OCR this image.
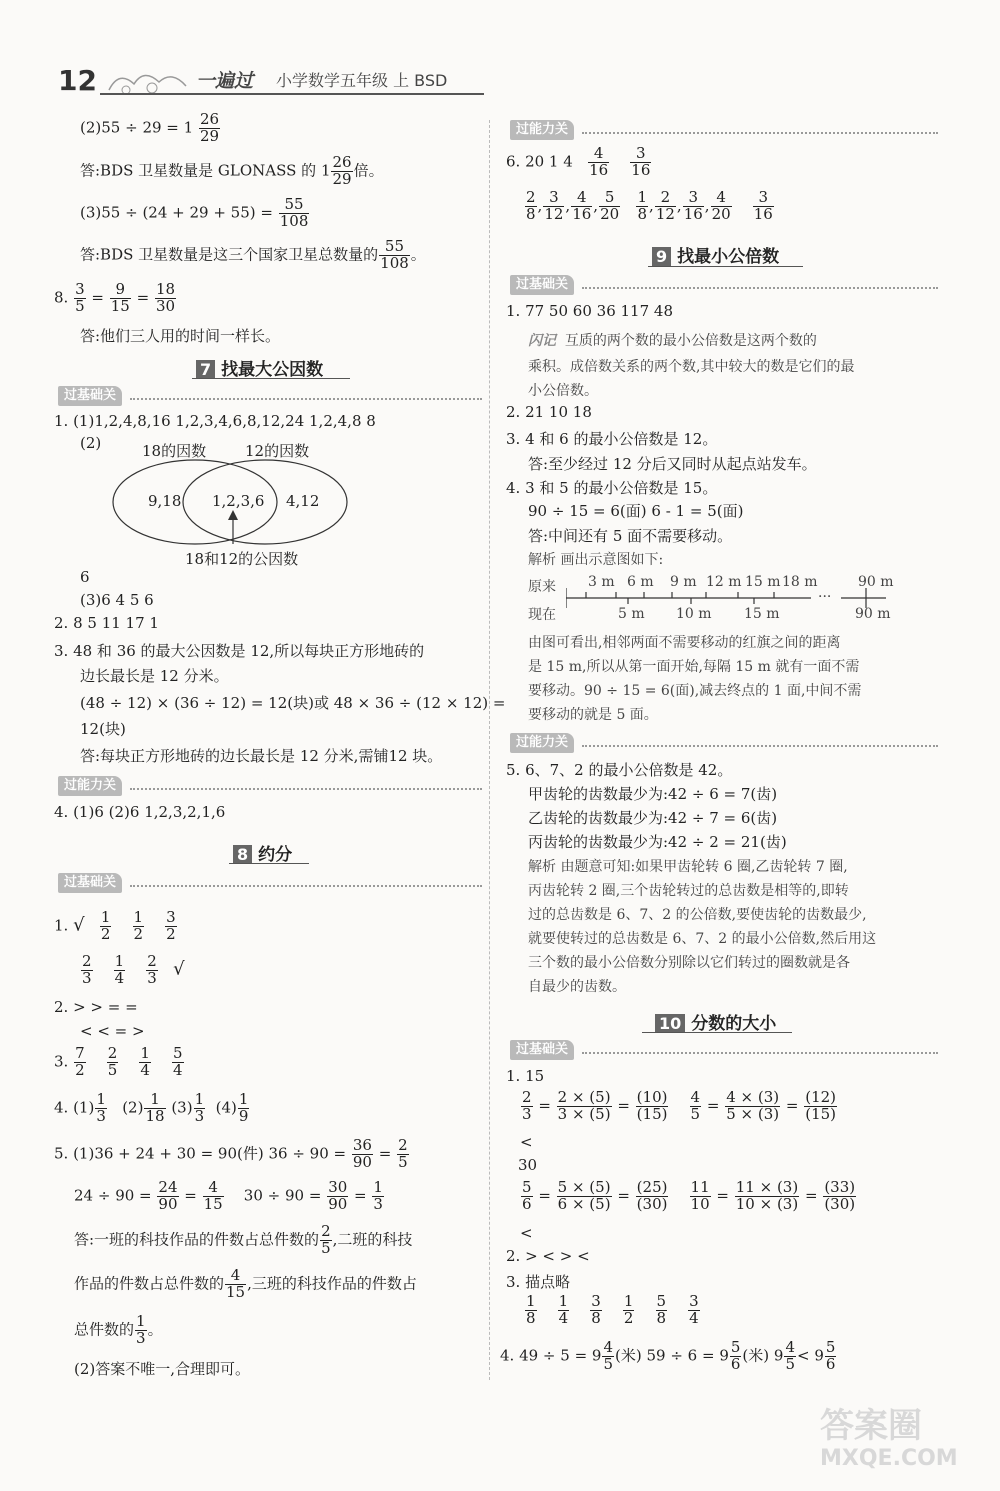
12	一遍过 小学数学五年级 上 BSD
$(2)55 \div 29 = 1 \frac{26}{29}$
答:BDS 卫星数量是 GLONASS 的 $1 \frac{26}{29}$ 倍。
$(3)55 \div (24 + 29 + 55) = \frac{55}{108}$
答:BDS 卫星数量是这三个国家卫星总数量的 $\frac{55}{108}$ 。
8. $\frac{3}{5} = \frac{9}{15} = \frac{18}{30}$
答:他们三人用的时间一样长。
7 找最大公因数
过基础关
1. (1)1,2,4,8,16 1,2,3,4,6,8,12,24 1,2,4,8 8
(2)	18的因数	12的因数
9,18 1,2,3,6 4,12
18和12的公因数
6
(3)6 4 5 6
2. 8 5 11 17 1
3. 48 和 36 的最大公因数是 12,所以每块正方形地砖的
边长最长是 12 分米。
(48 ÷ 12) × (36 ÷ 12) = 12(块)或 48 × 36 ÷ (12 × 12) =
12(块)
答:每块正方形地砖的边长最长是 12 分米,需铺12 块。
过能力关
4. (1)6 (2)6 1,2,3,2,1,6
8 约分
过基础关
1. √ $\frac{1}{2}$
$\frac{1}{2}$
$\frac{3}{2}$
$\frac{2}{3}$
$\frac{1}{4}$
$\frac{2}{3}$ √
2. > > = =
< < = >
3. $\frac{7}{2}$
$\frac{2}{5}$
$\frac{1}{4}$
$\frac{5}{4}$
4. $(1) \frac{1}{3} (2) \frac{1}{18} (3) \frac{1}{3} (4) \frac{1}{9}$
5. (1)36 + 24 + 30 = 90(件) $36 \div 90 = \frac{36}{90} = \frac{2}{5}$
$24 \div 90 = \frac{24}{90} = \frac{4}{15} 30 \div 90 = \frac{30}{90} = \frac{1}{3}$
答:一班的科技作品的件数占总件数的 $\frac{2}{5}$ ,二班的科技
作品的件数占总件数的 $\frac{4}{15}$ ,三班的科技作品的件数占
总件数的 $\frac{1}{3}$ 。
(2)答案不唯一,合理即可。
过能力关
6. 20 1 $4 \frac{4}{16}$
$\frac{3}{16}$
$\frac{2}{8}$ , $\frac{3}{12}$ , $\frac{4}{16}$ , $\frac{5}{20}$
$\frac{1}{8}$ , $\frac{2}{12}$ , $\frac{3}{16}$ , $\frac{4}{20}$
$\frac{3}{16}$
9 找最小公倍数
过基础关
1. 77 50 60 36 117 48
闪记 互质的两个数的最小公倍数是这两个数的
乘积。成倍数关系的两个数,其中较大的数是它们的最
小公倍数。
2. 21 10 18
3. 4 和 6 的最小公倍数是 12。
答:至少经过 12 分后又同时从起点站发车。
4. 3 和 5 的最小公倍数是 15。
90 ÷ 15 = 6(面) 6 - 1 = 5(面)
答:中间还有 5 面不需要移动。
解析 画出示意图如下:
原来
现在
3 m 6 m 9 m 12 m 15 m 18 m	90 m
5 m 10 m 15 m	90 m
···
由图可看出,相邻两面不需要移动的红旗之间的距离
是 15 m,所以从第一面开始,每隔 15 m 就有一面不需
要移动。90 ÷ 15 = 6(面),减去终点的 1 面,中间不需
要移动的就是 5 面。
过能力关
5. 6、7、2 的最小公倍数是 42。
甲齿轮的齿数最少为:42 ÷ 6 = 7(齿)
乙齿轮的齿数最少为:42 ÷ 7 = 6(齿)
丙齿轮的齿数最少为:42 ÷ 2 = 21(齿)
解析 由题意可知:如果甲齿轮转 6 圈,乙齿轮转 7 圈,
丙齿轮转 2 圈,三个齿轮转过的总齿数是相等的,即转
过的总齿数是 6、7、2 的公倍数,要使齿轮的齿数最少,
就要使转过的总齿数是 6、7、2 的最小公倍数,然后用这
三个数的最小公倍数分别除以它们转过的圈数就是各
自最少的齿数。
10 分数的大小
过基础关
1. 15
$\frac{2}{3} = \frac{2 \times (5)}{3 \times (5)} = \frac{(10)}{(15)}$
$\frac{4}{5} = \frac{4 \times (3)}{5 \times (3)} = \frac{(12)}{(15)}$
<
30
$\frac{5}{6} = \frac{5 \times (5)}{6 \times (5)} = \frac{(25)}{(30)}$
$\frac{11}{10} = \frac{11 \times (3)}{10 \times (3)} = \frac{(33)}{(30)}$
<
2. > < > <
3. 描点略
$\frac{1}{8}$
$\frac{1}{4}$
$\frac{3}{8}$
$\frac{1}{2}$
$\frac{5}{8}$
$\frac{3}{4}$
4. $49 \div 5 = 9 \frac{4}{5}$ (米) $59 \div 6 = 9 \frac{5}{6}$ (米) $9 \frac{4}{5} < 9 \frac{5}{6}$
答案圈
MXQE.COM
